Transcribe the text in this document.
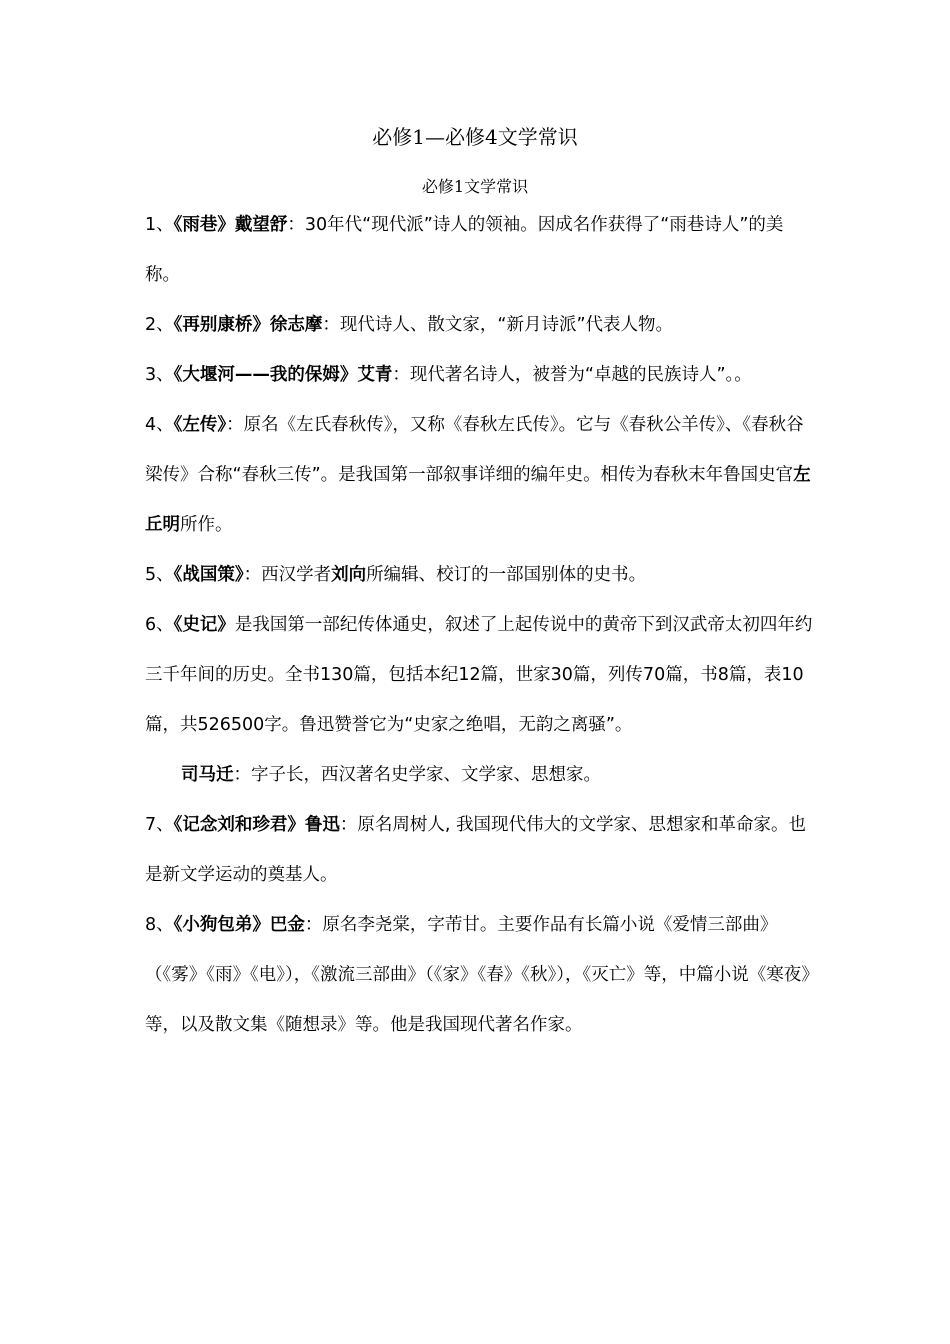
必修1—必修4文学常识
必修1文学常识

1、《雨巷》戴望舒：30年代“现代派”诗人的领袖。因成名作获得了“雨巷诗人”的美称。

2、《再别康桥》徐志摩：现代诗人、散文家，“新月诗派”代表人物。

3、《大堰河——我的保姆》艾青：现代著名诗人，被誉为“卓越的民族诗人”。。

4、《左传》：原名《左氏春秋传》，又称《春秋左氏传》。它与《春秋公羊传》、《春秋谷梁传》合称“春秋三传”。是我国第一部叙事详细的编年史。相传为春秋末年鲁国史官左丘明所作。

5、《战国策》：西汉学者刘向所编辑、校订的一部国别体的史书。

6、《史记》是我国第一部纪传体通史，叙述了上起传说中的黄帝下到汉武帝太初四年约三千年间的历史。全书130篇，包括本纪12篇，世家30篇，列传70篇，书8篇，表10篇，共526500字。鲁迅赞誉它为“史家之绝唱，无韵之离骚”。

司马迁：字子长，西汉著名史学家、文学家、思想家。

7、《记念刘和珍君》鲁迅：原名周树人, 我国现代伟大的文学家、思想家和革命家。也是新文学运动的奠基人。

8、《小狗包弟》巴金：原名李尧棠，字芾甘。主要作品有长篇小说《爱情三部曲》（《雾》《雨》《电》），《激流三部曲》（《家》《春》《秋》），《灭亡》等，中篇小说《寒夜》等，以及散文集《随想录》等。他是我国现代著名作家。
